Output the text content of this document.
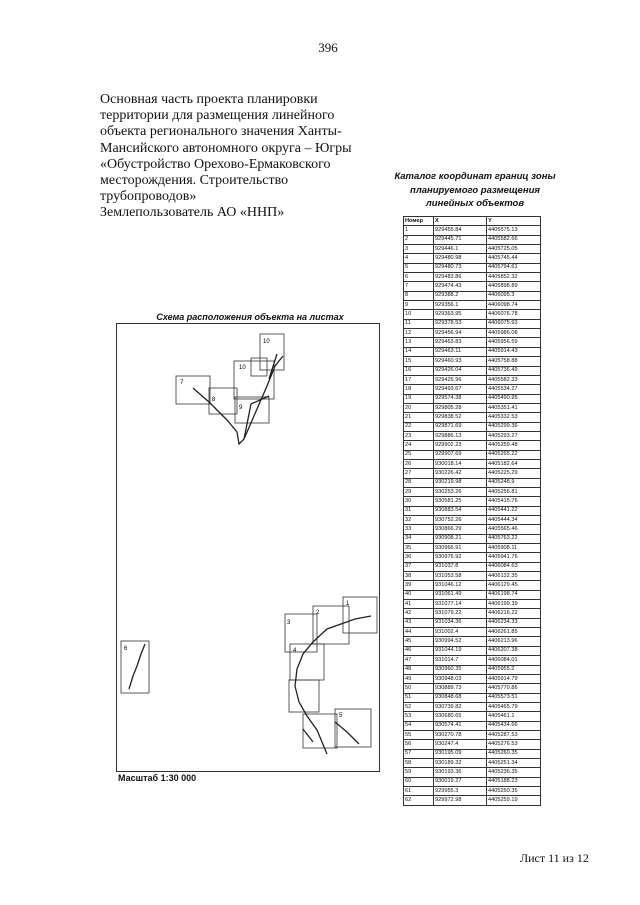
396
Основная часть проекта планировки
территории для размещения линейного
объекта регионального значения Ханты-
Мансийского автономного округа – Югры
«Обустройство Орехово-Ермаковского
месторождения. Строительство
трубопроводов»
Землепользователь АО «ННП»
Каталог координат границ зоны
планируемого размещения
линейных объектов
Номер	X	Y
1	929455.84	4405575.13
2	929445.71	4405582.66
3	929446.1	4405725.05
4	929480.98	4405745.44
5	929480.73	4405794.61
6	929483.86	4405852.32
7	929474.43	4405898.89
8	929388.2	4406095.3
9	929356.1	4406098.74
10	929363.95	4406076.78
11	929378.53	4406075.93
12	929456.94	4405986.08
13	929463.83	4405956.59
14	929463.11	4405914.43
15	929460.93	4405758.88
16	929426.04	4405736.49
17	929426.96	4405582.33
18	929493.67	4405534.27
19	929574.38	4405490.95
20	929805.28	4405351.41
21	929838.52	4405332.53
22	929871.69	4405299.36
23	929886.13	4405293.27
24	929902.23	4405259.48
25	929907.69	4405265.22
26	930018.14	4405182.64
27	930226.42	4405225.29
28	930219.98	4405248.9
29	930253.26	4405256.81
30	930581.25	4405415.76
31	930883.54	4405441.22
32	930752.26	4405444.34
33	930866.29	4405565.46
34	930908.21	4405763.22
35	930966.91	4405908.11
36	930976.92	4405941.76
37	931037.8	4406084.63
38	931053.58	4406132.35
39	931046.12	4406129.45
40	931061.49	4406198.74
41	931077.14	4406199.39
42	931079.22	4406216.22
43	931034.36	4406234.33
44	931002.4	4406261.85
45	930994.52	4406213.96
46	931044.19	4406207.38
47	931014.7	4406084.01
48	930960.35	4405955.2
49	930948.03	4405914.79
50	930889.73	4405770.86
51	930848.68	4405573.51
52	930739.82	4405465.79
53	930680.65	4405461.1
54	930574.41	4405434.66
55	930270.78	4405287.53
56	930247.4	4405276.53
57	930195.09	4405260.35
58	930189.32	4405251.34
59	930193.36	4405236.35
60	930019.27	4405188.23
61	929955.3	4405250.35
62	929972.98	4405259.19
Схема расположения объекта на листах
10
10
7
8
9
1
2
3
4
5
6
Масштаб 1:30 000
Лист 11 из 12
